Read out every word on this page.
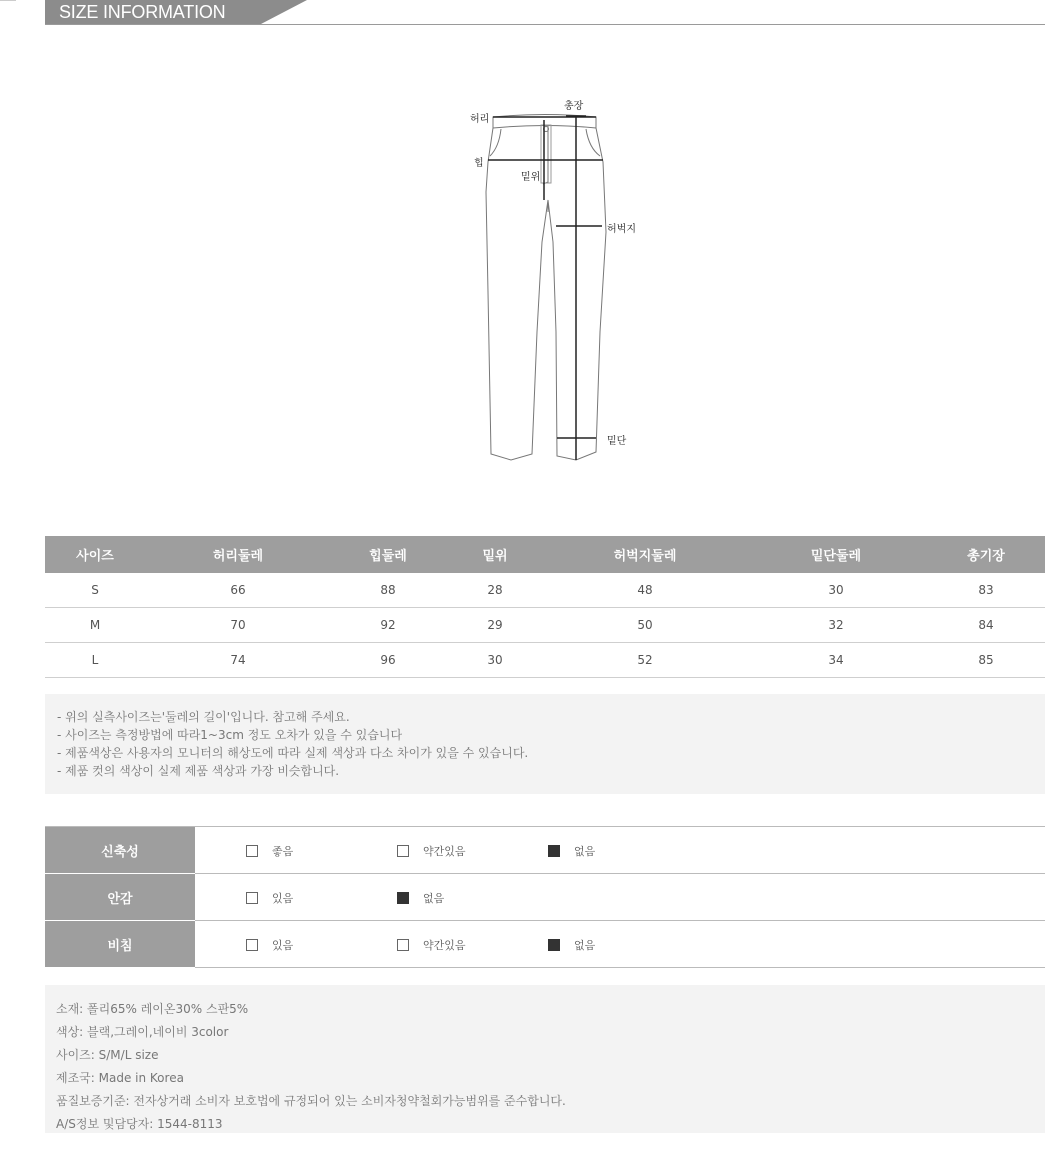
SIZE INFORMATION
허리
총장
힙
밑위
허벅지
밑단
사이즈	허리둘레	힙둘레	밑위	허벅지둘레	밑단둘레	총기장
S	66	88	28	48	30	83
M	70	92	29	50	32	84
L	74	96	30	52	34	85
- 위의 실측사이즈는'둘레의 길이'입니다. 참고해 주세요.
- 사이즈는 측정방법에 따라1~3cm 정도 오차가 있을 수 있습니다
- 제품색상은 사용자의 모니터의 해상도에 따라 실제 색상과 다소 차이가 있을 수 있습니다.
- 제품 컷의 색상이 실제 제품 색상과 가장 비슷합니다.
신축성	좋음 약간있음 없음

안감	있음 없음

비침	있음 약간있음 없음
소재: 폴리65% 레이온30% 스판5%
색상: 블랙,그레이,네이비 3color
사이즈: S/M/L size
제조국: Made in Korea
품질보증기준: 전자상거래 소비자 보호법에 규정되어 있는 소비자청약철회가능범위를 준수합니다.
A/S정보 및담당자: 1544-8113
